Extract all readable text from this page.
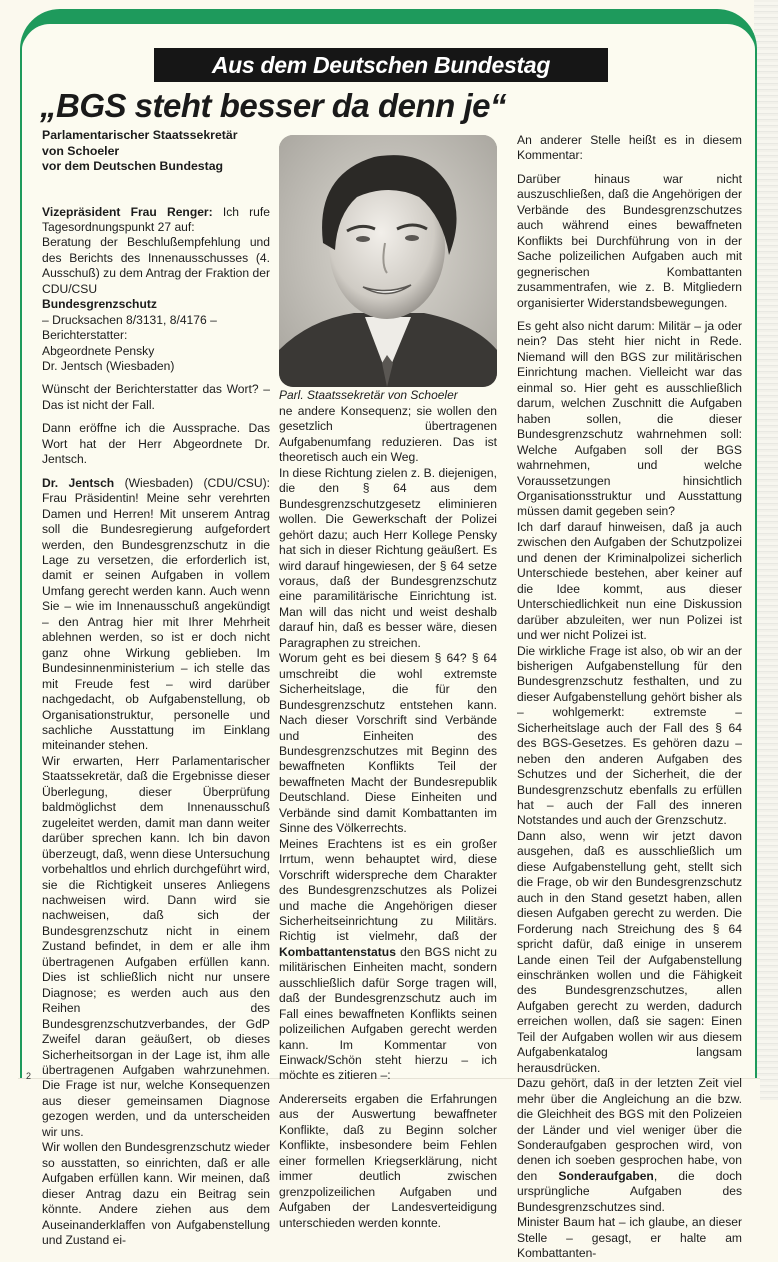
Aus dem Deutschen Bundestag
„BGS steht besser da denn je“

Parlamentarischer Staatssekretär
von Schoeler
vor dem Deutschen Bundestag

Vizepräsident Frau Renger: Ich rufe Tagesordnungspunkt 27 auf:

Beratung der Beschlußempfehlung und des Berichts des Innenausschusses (4. Ausschuß) zu dem Antrag der Fraktion der CDU/CSU

Bundesgrenzschutz

– Drucksachen 8/3131, 8/4176 –

Berichterstatter:

Abgeordnete Pensky

Dr. Jentsch (Wiesbaden)

Wünscht der Berichterstatter das Wort? – Das ist nicht der Fall.

Dann eröffne ich die Aussprache. Das Wort hat der Herr Abgeordnete Dr. Jentsch.

Dr. Jentsch (Wiesbaden) (CDU/CSU): Frau Präsidentin! Meine sehr verehrten Damen und Herren! Mit unserem Antrag soll die Bundesregierung aufgefordert werden, den Bundesgrenzschutz in die Lage zu versetzen, die erforderlich ist, damit er seinen Aufgaben in vollem Umfang gerecht werden kann. Auch wenn Sie – wie im Innenausschuß angekündigt – den Antrag hier mit Ihrer Mehrheit ablehnen werden, so ist er doch nicht ganz ohne Wirkung geblieben. Im Bundesinnenministerium – ich stelle das mit Freude fest – wird darüber nachgedacht, ob Aufgabenstellung, ob Organisationstruktur, personelle und sachliche Ausstattung im Einklang miteinander stehen.

Wir erwarten, Herr Parlamentarischer Staatssekretär, daß die Ergebnisse dieser Überlegung, dieser Überprüfung baldmöglichst dem Innenausschuß zugeleitet werden, damit man dann weiter darüber sprechen kann. Ich bin davon überzeugt, daß, wenn diese Untersuchung vorbehaltlos und ehrlich durchgeführt wird, sie die Richtigkeit unseres Anliegens nachweisen wird. Dann wird sie nachweisen, daß sich der Bundesgrenzschutz nicht in einem Zustand befindet, in dem er alle ihm übertragenen Aufgaben erfüllen kann. Dies ist schließlich nicht nur unsere Diagnose; es werden auch aus den Reihen des Bundesgrenzschutzverbandes, der GdP Zweifel daran geäußert, ob dieses Sicherheitsorgan in der Lage ist, ihm alle übertragenen Aufgaben wahrzunehmen. Die Frage ist nur, welche Konsequenzen aus dieser gemeinsamen Diagnose gezogen werden, und da unterscheiden wir uns.

Wir wollen den Bundesgrenzschutz wieder so ausstatten, so einrichten, daß er alle Aufgaben erfüllen kann. Wir meinen, daß dieser Antrag dazu ein Beitrag sein könnte. Andere ziehen aus dem Auseinanderklaffen von Aufgabenstellung und Zustand ei-

Parl. Staatssekretär von Schoeler

ne andere Konsequenz; sie wollen den gesetzlich übertragenen Aufgabenumfang reduzieren. Das ist theoretisch auch ein Weg.

In diese Richtung zielen z. B. diejenigen, die den § 64 aus dem Bundesgrenzschutzgesetz eliminieren wollen. Die Gewerkschaft der Polizei gehört dazu; auch Herr Kollege Pensky hat sich in dieser Richtung geäußert. Es wird darauf hingewiesen, der § 64 setze voraus, daß der Bundesgrenzschutz eine paramilitärische Einrichtung ist. Man will das nicht und weist deshalb darauf hin, daß es besser wäre, diesen Paragraphen zu streichen.

Worum geht es bei diesem § 64? § 64 umschreibt die wohl extremste Sicherheitslage, die für den Bundesgrenzschutz entstehen kann. Nach dieser Vorschrift sind Verbände und Einheiten des Bundesgrenzschutzes mit Beginn des bewaffneten Konflikts Teil der bewaffneten Macht der Bundesrepublik Deutschland. Diese Einheiten und Verbände sind damit Kombattanten im Sinne des Völkerrechts.

Meines Erachtens ist es ein großer Irrtum, wenn behauptet wird, diese Vorschrift widerspreche dem Charakter des Bundesgrenzschutzes als Polizei und mache die Angehörigen dieser Sicherheitseinrichtung zu Militärs. Richtig ist vielmehr, daß der Kombattantenstatus den BGS nicht zu militärischen Einheiten macht, sondern ausschließlich dafür Sorge tragen will, daß der Bundesgrenzschutz auch im Fall eines bewaffneten Konflikts seinen polizeilichen Aufgaben gerecht werden kann. Im Kommentar von Einwack/Schön steht hierzu – ich möchte es zitieren –:

Andererseits ergaben die Erfahrungen aus der Auswertung bewaffneter Konflikte, daß zu Beginn solcher Konflikte, insbesondere beim Fehlen einer formellen Kriegserklärung, nicht immer deutlich zwischen grenzpolizeilichen Aufgaben und Aufgaben der Landesverteidigung unterschieden werden konnte.

An anderer Stelle heißt es in diesem Kommentar:

Darüber hinaus war nicht auszuschließen, daß die Angehörigen der Verbände des Bundesgrenzschutzes auch während eines bewaffneten Konflikts bei Durchführung von in der Sache polizeilichen Aufgaben auch mit gegnerischen Kombattanten zusammentrafen, wie z. B. Mitgliedern organisierter Widerstandsbewegungen.

Es geht also nicht darum: Militär – ja oder nein? Das steht hier nicht in Rede. Niemand will den BGS zur militärischen Einrichtung machen. Vielleicht war das einmal so. Hier geht es ausschließlich darum, welchen Zuschnitt die Aufgaben haben sollen, die dieser Bundesgrenzschutz wahrnehmen soll: Welche Aufgaben soll der BGS wahrnehmen, und welche Voraussetzungen hinsichtlich Organisationsstruktur und Ausstattung müssen damit gegeben sein?

Ich darf darauf hinweisen, daß ja auch zwischen den Aufgaben der Schutzpolizei und denen der Kriminalpolizei sicherlich Unterschiede bestehen, aber keiner auf die Idee kommt, aus dieser Unterschiedlichkeit nun eine Diskussion darüber abzuleiten, wer nun Polizei ist und wer nicht Polizei ist.

Die wirkliche Frage ist also, ob wir an der bisherigen Aufgabenstellung für den Bundesgrenzschutz festhalten, und zu dieser Aufgabenstellung gehört bisher als – wohlgemerkt: extremste – Sicherheitslage auch der Fall des § 64 des BGS-Gesetzes. Es gehören dazu – neben den anderen Aufgaben des Schutzes und der Sicherheit, die der Bundesgrenzschutz ebenfalls zu erfüllen hat – auch der Fall des inneren Notstandes und auch der Grenzschutz.

Dann also, wenn wir jetzt davon ausgehen, daß es ausschließlich um diese Aufgabenstellung geht, stellt sich die Frage, ob wir den Bundesgrenzschutz auch in den Stand gesetzt haben, allen diesen Aufgaben gerecht zu werden. Die Forderung nach Streichung des § 64 spricht dafür, daß einige in unserem Lande einen Teil der Aufgabenstellung einschränken wollen und die Fähigkeit des Bundesgrenzschutzes, allen Aufgaben gerecht zu werden, dadurch erreichen wollen, daß sie sagen: Einen Teil der Aufgaben wollen wir aus diesem Aufgabenkatalog langsam herausdrücken.

Dazu gehört, daß in der letzten Zeit viel mehr über die Angleichung an die bzw. die Gleichheit des BGS mit den Polizeien der Länder und viel weniger über die Sonderaufgaben gesprochen wird, von denen ich soeben gesprochen habe, von den Sonderaufgaben, die doch ursprüngliche Aufgaben des Bundesgrenzschutzes sind.

Minister Baum hat – ich glaube, an dieser Stelle – gesagt, er halte am Kombattanten-

2
